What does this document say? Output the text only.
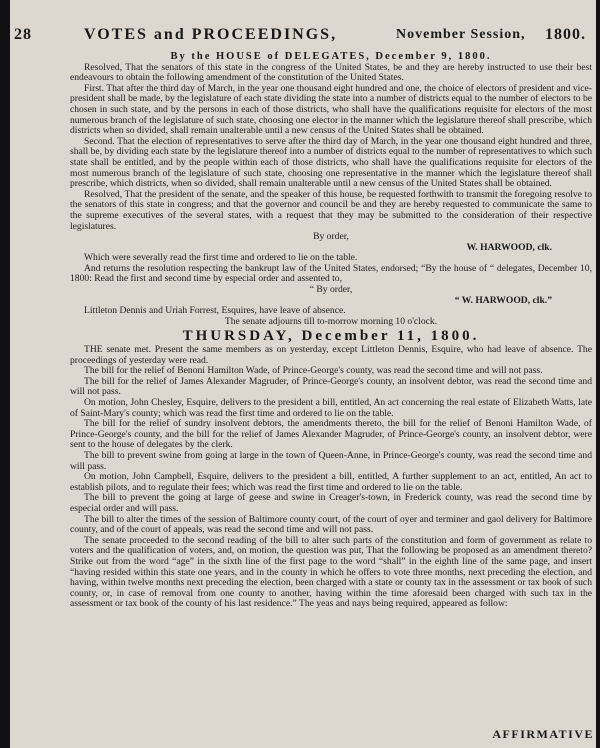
28	VOTES and PROCEEDINGS,	November Session, 1800.

By the HOUSE of DELEGATES, December 9, 1800.

Resolved, That the senators of this state in the congress of the United States, be and they are hereby instructed to use their best endeavours to obtain the following amendment of the constitution of the United States.

First. That after the third day of March, in the year one thousand eight hundred and one, the choice of electors of president and vice-president shall be made, by the legislature of each state dividing the state into a number of districts equal to the number of electors to be chosen in such state, and by the persons in each of those districts, who shall have the qualifications requisite for electors of the most numerous branch of the legislature of such state, choosing one elector in the manner which the legislature thereof shall prescribe, which districts when so divided, shall remain unalterable until a new census of the United States shall be obtained.

Second. That the election of representatives to serve after the third day of March, in the year one thousand eight hundred and three, shall be, by dividing each state by the legislature thereof into a number of districts equal to the number of representatives to which such state shall be entitled, and by the people within each of those districts, who shall have the qualifications requisite for electors of the most numerous branch of the legislature of such state, choosing one representative in the manner which the legislature thereof shall prescribe, which districts, when so divided, shall remain unalterable until a new census of the United States shall be obtained.

Resolved, That the president of the senate, and the speaker of this house, be requested forthwith to transmit the foregoing resolve to the senators of this state in congress; and that the governor and council be and they are hereby requested to communicate the same to the supreme executives of the several states, with a request that they may be submitted to the consideration of their respective legislatures.

By order,

W. HARWOOD, clk.

Which were severally read the first time and ordered to lie on the table.

And returns the resolution respecting the bankrupt law of the United States, endorsed; “By the house of “ delegates, December 10, 1800: Read the first and second time by especial order and assented to,

“ By order,

“ W. HARWOOD, clk.”

Littleton Dennis and Uriah Forrest, Esquires, have leave of absence.

The senate adjourns till to-morrow morning 10 o'clock.

THURSDAY, December 11, 1800.

THE senate met. Present the same members as on yesterday, except Littleton Dennis, Esquire, who had leave of absence. The proceedings of yesterday were read.

The bill for the relief of Benoni Hamilton Wade, of Prince-George's county, was read the second time and will not pass.

The bill for the relief of James Alexander Magruder, of Prince-George's county, an insolvent debtor, was read the second time and will not pass.

On motion, John Chesley, Esquire, delivers to the president a bill, entitled, An act concerning the real estate of Elizabeth Watts, late of Saint-Mary's county; which was read the first time and ordered to lie on the table.

The bill for the relief of sundry insolvent debtors, the amendments thereto, the bill for the relief of Benoni Hamilton Wade, of Prince-George's county, and the bill for the relief of James Alexander Magruder, of Prince-George's county, an insolvent debtor, were sent to the house of delegates by the clerk.

The bill to prevent swine from going at large in the town of Queen-Anne, in Prince-George's county, was read the second time and will pass.

On motion, John Campbell, Esquire, delivers to the president a bill, entitled, A further supplement to an act, entitled, An act to establish pilots, and to regulate their fees; which was read the first time and ordered to lie on the table.

The bill to prevent the going at large of geese and swine in Creager's-town, in Frederick county, was read the second time by especial order and will pass.

The bill to alter the times of the session of Baltimore county court, of the court of oyer and terminer and gaol delivery for Baltimore county, and of the court of appeals, was read the second time and will not pass.

The senate proceeded to the second reading of the bill to alter such parts of the constitution and form of government as relate to voters and the qualification of voters, and, on motion, the question was put, That the following be proposed as an amendment thereto? Strike out from the word “age” in the sixth line of the first page to the word “shall” in the eighth line of the same page, and insert “having resided within this state one years, and in the county in which he offers to vote three months, next preceding the election, and having, within twelve months next preceding the election, been charged with a state or county tax in the assessment or tax book of such county, or, in case of removal from one county to another, having within the time aforesaid been charged with such tax in the assessment or tax book of the county of his last residence.” The yeas and nays being required, appeared as follow:

AFFIRMATIVE
